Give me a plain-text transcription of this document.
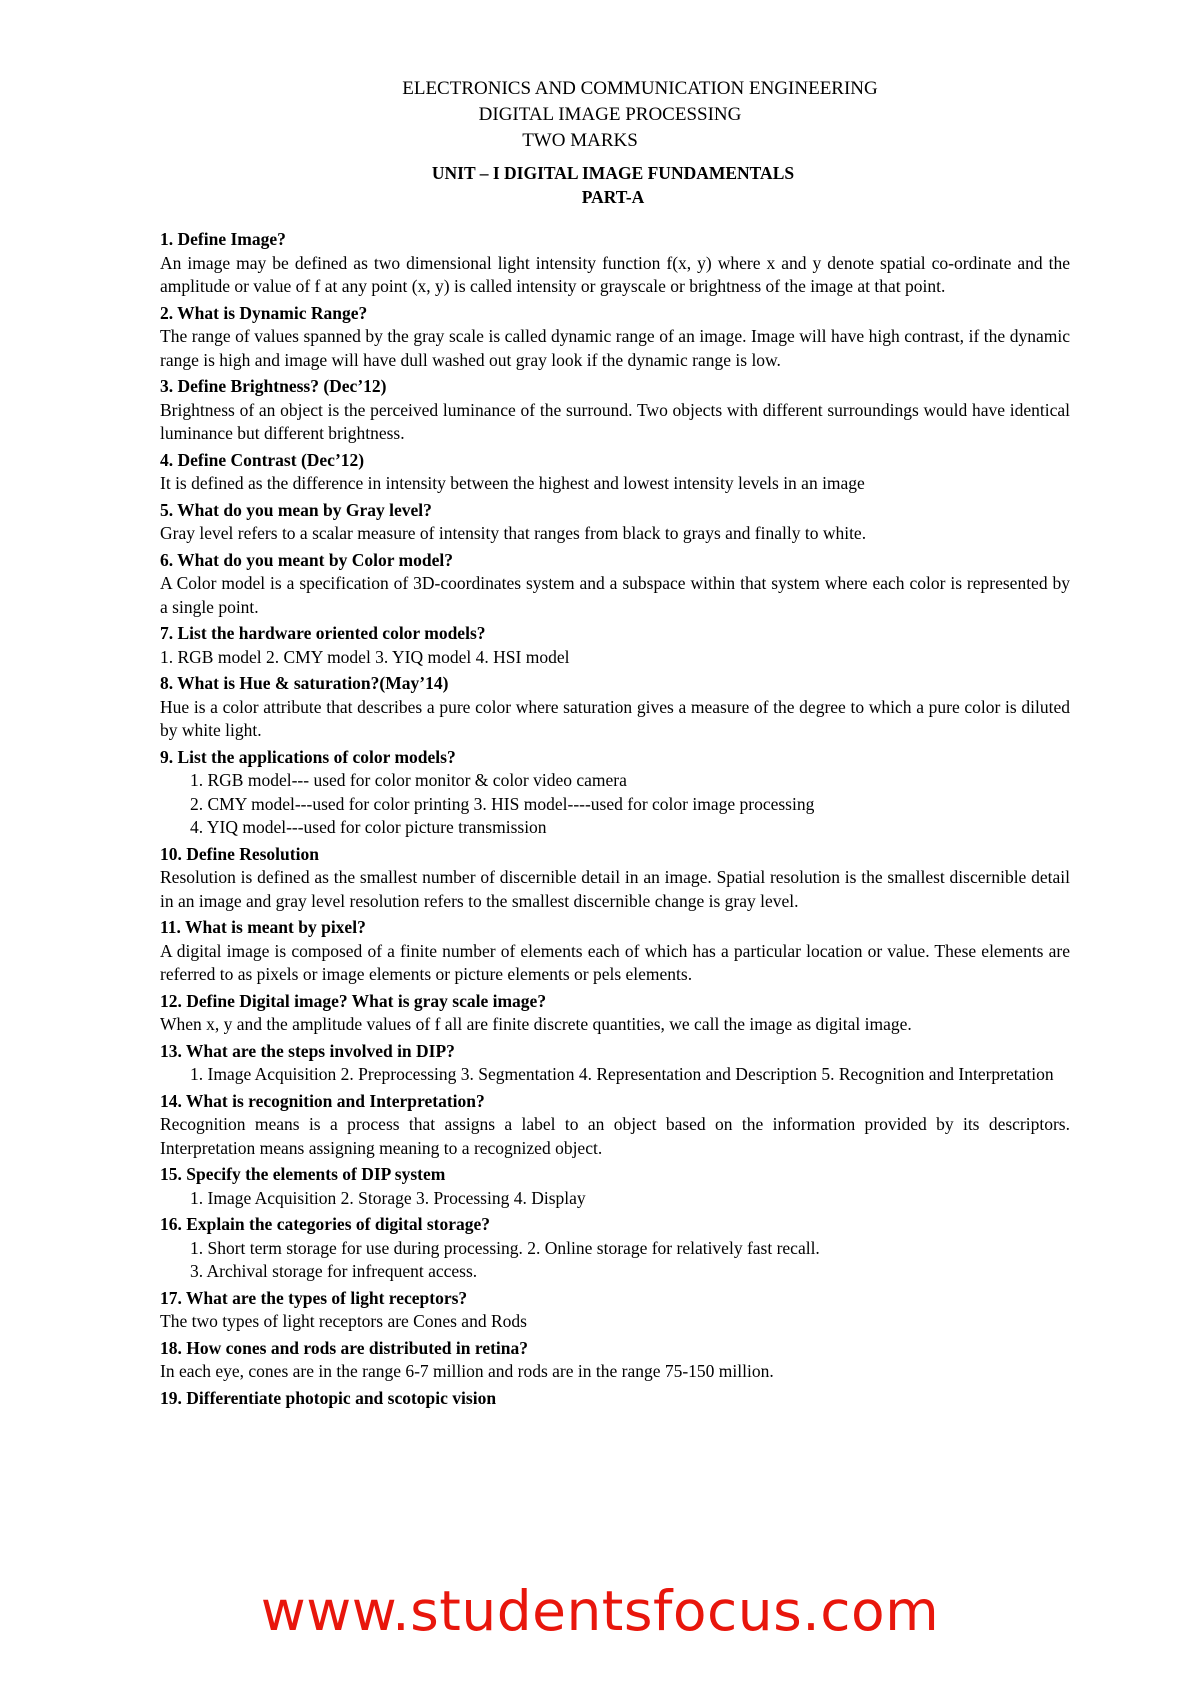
ELECTRONICS AND COMMUNICATION ENGINEERING
DIGITAL IMAGE PROCESSING
TWO MARKS
UNIT – I DIGITAL IMAGE FUNDAMENTALS
PART-A
1. Define Image?
An image may be defined as two dimensional light intensity function f(x, y) where x and y denote spatial co-ordinate and the amplitude or value of f at any point (x, y) is called intensity or grayscale or brightness of the image at that point.
2. What is Dynamic Range?
The range of values spanned by the gray scale is called dynamic range of an image. Image will have high contrast, if the dynamic range is high and image will have dull washed out gray look if the dynamic range is low.
3. Define Brightness? (Dec’12)
Brightness of an object is the perceived luminance of the surround. Two objects with different surroundings would have identical luminance but different brightness.
4. Define Contrast (Dec’12)
It is defined as the difference in intensity between the highest and lowest intensity levels in an image
5. What do you mean by Gray level?
Gray level refers to a scalar measure of intensity that ranges from black to grays and finally to white.
6. What do you meant by Color model?
A Color model is a specification of 3D-coordinates system and a subspace within that system where each color is represented by a single point.
7. List the hardware oriented color models?
1. RGB model 2. CMY model 3. YIQ model 4. HSI model
8. What is Hue & saturation?(May’14)
Hue is a color attribute that describes a pure color where saturation gives a measure of the degree to which a pure color is diluted by white light.
9. List the applications of color models?
1. RGB model--- used for color monitor & color video camera
2. CMY model---used for color printing 3. HIS model----used for color image processing
4. YIQ model---used for color picture transmission
10. Define Resolution
Resolution is defined as the smallest number of discernible detail in an image. Spatial resolution is the smallest discernible detail in an image and gray level resolution refers to the smallest discernible change is gray level.
11. What is meant by pixel?
A digital image is composed of a finite number of elements each of which has a particular location or value. These elements are referred to as pixels or image elements or picture elements or pels elements.
12. Define Digital image? What is gray scale image?
When x, y and the amplitude values of f all are finite discrete quantities, we call the image as digital image.
13. What are the steps involved in DIP?
1. Image Acquisition 2. Preprocessing 3. Segmentation 4. Representation and Description 5. Recognition and Interpretation
14. What is recognition and Interpretation?
Recognition means is a process that assigns a label to an object based on the information provided by its descriptors. Interpretation means assigning meaning to a recognized object.
15. Specify the elements of DIP system
1. Image Acquisition 2. Storage 3. Processing 4. Display
16. Explain the categories of digital storage?
1. Short term storage for use during processing. 2. Online storage for relatively fast recall.
3. Archival storage for infrequent access.
17. What are the types of light receptors?
The two types of light receptors are Cones and Rods
18. How cones and rods are distributed in retina?
In each eye, cones are in the range 6-7 million and rods are in the range 75-150 million.
19. Differentiate photopic and scotopic vision
www.studentsfocus.com
